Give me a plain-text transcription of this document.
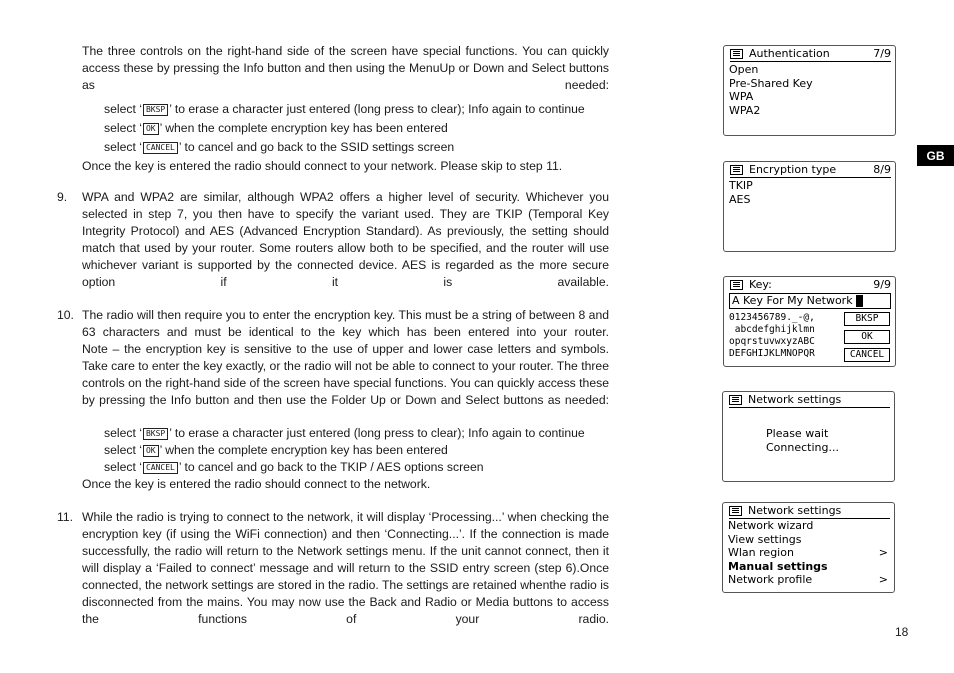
The three controls on the right-hand side of the screen have special functions. You can quickly access these by pressing the Info button and then using the MenuUp or Down and Select buttons as needed:

select ‘ BKSP ’ to erase a character just entered (long press to clear); Info again to continue
select ‘ OK ’ when the complete encryption key has been entered
select ‘ CANCEL ’ to cancel and go back to the SSID settings screen
Once the key is entered the radio should connect to your network. Please skip to step 11.
9. WPA and WPA2 are similar, although WPA2 offers a higher level of security. Whichever you selected in step 7, you then have to specify the variant used. They are TKIP (Temporal Key Integrity Protocol) and AES (Advanced Encryption Standard). As previously, the setting should match that used by your router. Some routers allow both to be specified, and the router will use whichever variant is supported by the connected device. AES is regarded as the more secure option if it is available.

10. The radio will then require you to enter the encryption key. This must be a string of between 8 and 63 characters and must be identical to the key which has been entered into your router.

Note – the encryption key is sensitive to the use of upper and lower case letters and symbols. Take care to enter the key exactly, or the radio will not be able to connect to your router. The three controls on the right-hand side of the screen have special functions. You can quickly access these by pressing the Info button and then use the Folder Up or Down and Select buttons as needed:

select ‘ BKSP ’ to erase a character just entered (long press to clear); Info again to continue
select ‘ OK ’ when the complete encryption key has been entered
select ‘ CANCEL ’ to cancel and go back to the TKIP / AES options screen
Once the key is entered the radio should connect to the network.
11. While the radio is trying to connect to the network, it will display ‘Processing...’ when checking the encryption key (if using the WiFi connection) and then ‘Connecting...’. If the connection is made successfully, the radio will return to the Network settings menu. If the unit cannot connect, then it will display a ‘Failed to connect’ message and will return to the SSID entry screen (step 6).Once connected, the network settings are stored in the radio. The settings are retained whenthe radio is disconnected from the mains. You may now use the Back and Radio or Media buttons to access the functions of your radio.

Authentication	7/9
Open
Pre-Shared Key
WPA
WPA2
Encryption type	8/9
TKIP
AES
Key:	9/9
A Key For My Network
0123456789._-@,
abcdefghijklmn
opqrstuvwxyzABC
DEFGHIJKLMNOPQR
BKSP
OK
CANCEL
Network settings
Please wait
Connecting...
Network settings
Network wizard
View settings
Wlan region	>
Manual settings
Network profile	>
GB
18
